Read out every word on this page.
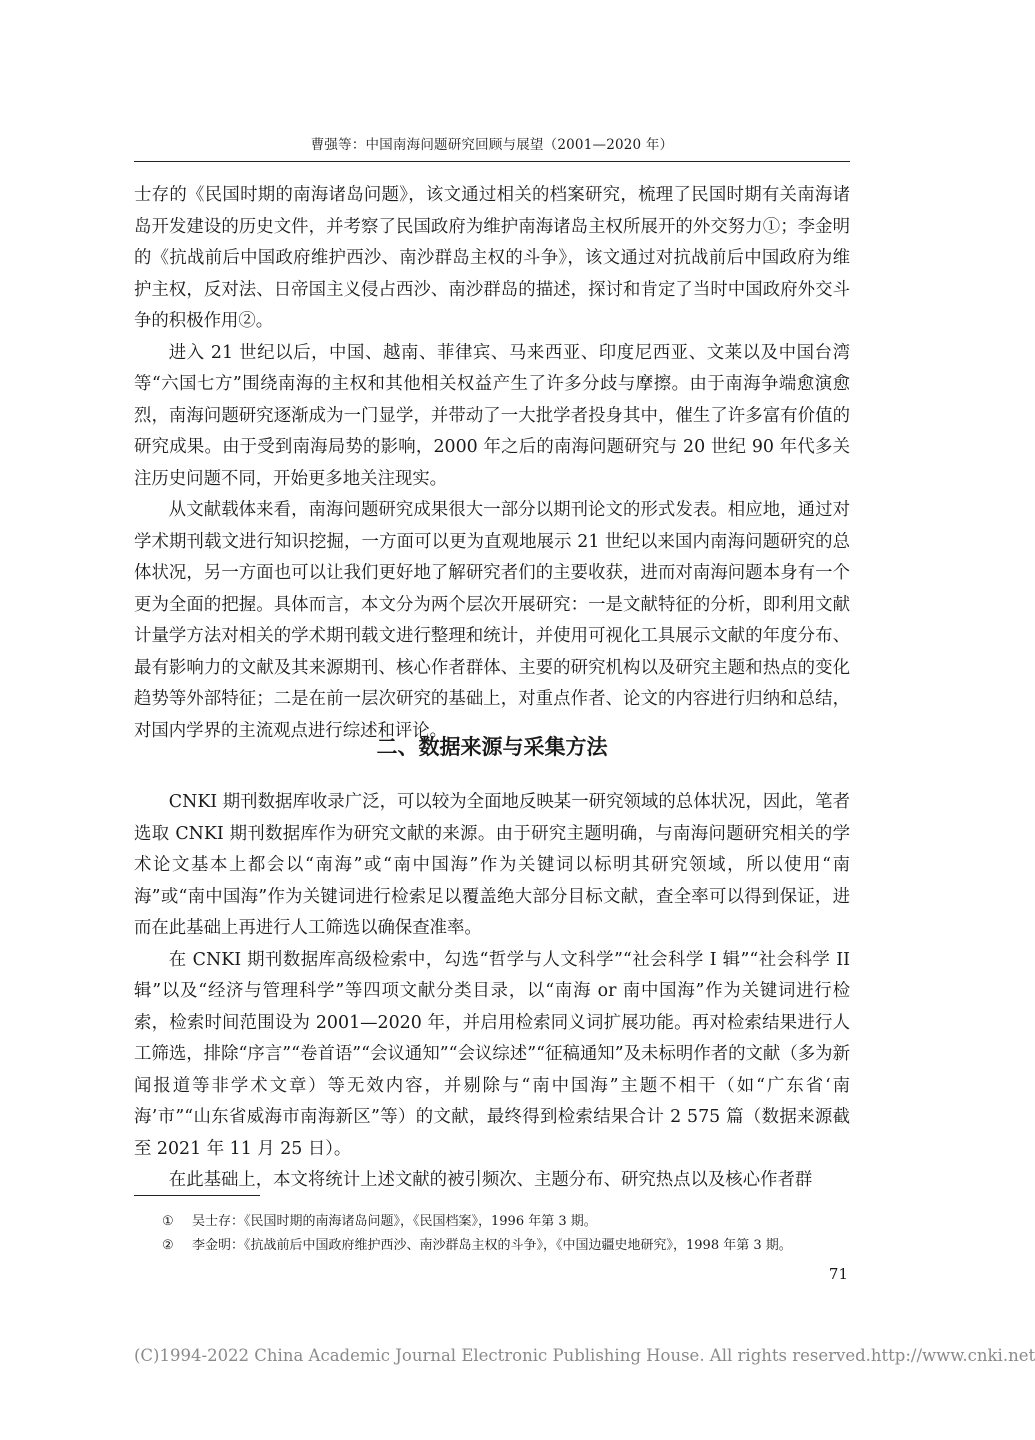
曹强等：中国南海问题研究回顾与展望（2001—2020 年）

士存的《民国时期的南海诸岛问题》，该文通过相关的档案研究，梳理了民国时期有关南海诸岛开发建设的历史文件，并考察了民国政府为维护南海诸岛主权所展开的外交努力①；李金明的《抗战前后中国政府维护西沙、南沙群岛主权的斗争》，该文通过对抗战前后中国政府为维护主权，反对法、日帝国主义侵占西沙、南沙群岛的描述，探讨和肯定了当时中国政府外交斗争的积极作用②。

进入 21 世纪以后，中国、越南、菲律宾、马来西亚、印度尼西亚、文莱以及中国台湾等“六国七方”围绕南海的主权和其他相关权益产生了许多分歧与摩擦。由于南海争端愈演愈烈，南海问题研究逐渐成为一门显学，并带动了一大批学者投身其中，催生了许多富有价值的研究成果。由于受到南海局势的影响，2000 年之后的南海问题研究与 20 世纪 90 年代多关注历史问题不同，开始更多地关注现实。

从文献载体来看，南海问题研究成果很大一部分以期刊论文的形式发表。相应地，通过对学术期刊载文进行知识挖掘，一方面可以更为直观地展示 21 世纪以来国内南海问题研究的总体状况，另一方面也可以让我们更好地了解研究者们的主要收获，进而对南海问题本身有一个更为全面的把握。具体而言，本文分为两个层次开展研究：一是文献特征的分析，即利用文献计量学方法对相关的学术期刊载文进行整理和统计，并使用可视化工具展示文献的年度分布、最有影响力的文献及其来源期刊、核心作者群体、主要的研究机构以及研究主题和热点的变化趋势等外部特征；二是在前一层次研究的基础上，对重点作者、论文的内容进行归纳和总结，对国内学界的主流观点进行综述和评论。

二、数据来源与采集方法

CNKI 期刊数据库收录广泛，可以较为全面地反映某一研究领域的总体状况，因此，笔者选取 CNKI 期刊数据库作为研究文献的来源。由于研究主题明确，与南海问题研究相关的学术论文基本上都会以“南海”或“南中国海”作为关键词以标明其研究领域，所以使用“南海”或“南中国海”作为关键词进行检索足以覆盖绝大部分目标文献，查全率可以得到保证，进而在此基础上再进行人工筛选以确保查准率。

在 CNKI 期刊数据库高级检索中，勾选“哲学与人文科学”“社会科学 I 辑”“社会科学 II 辑”以及“经济与管理科学”等四项文献分类目录，以“南海 or 南中国海”作为关键词进行检索，检索时间范围设为 2001—2020 年，并启用检索同义词扩展功能。再对检索结果进行人工筛选，排除“序言”“卷首语”“会议通知”“会议综述”“征稿通知”及未标明作者的文献（多为新闻报道等非学术文章）等无效内容，并剔除与“南中国海”主题不相干（如“广东省‘南海’市”“山东省威海市南海新区”等）的文献，最终得到检索结果合计 2 575 篇（数据来源截至 2021 年 11 月 25 日）。

在此基础上，本文将统计上述文献的被引频次、主题分布、研究热点以及核心作者群

① 吴士存：《民国时期的南海诸岛问题》，《民国档案》，1996 年第 3 期。
② 李金明：《抗战前后中国政府维护西沙、南沙群岛主权的斗争》，《中国边疆史地研究》，1998 年第 3 期。
71
(C)1994-2022 China Academic Journal Electronic Publishing House. All rights reserved. http://www.cnki.net
